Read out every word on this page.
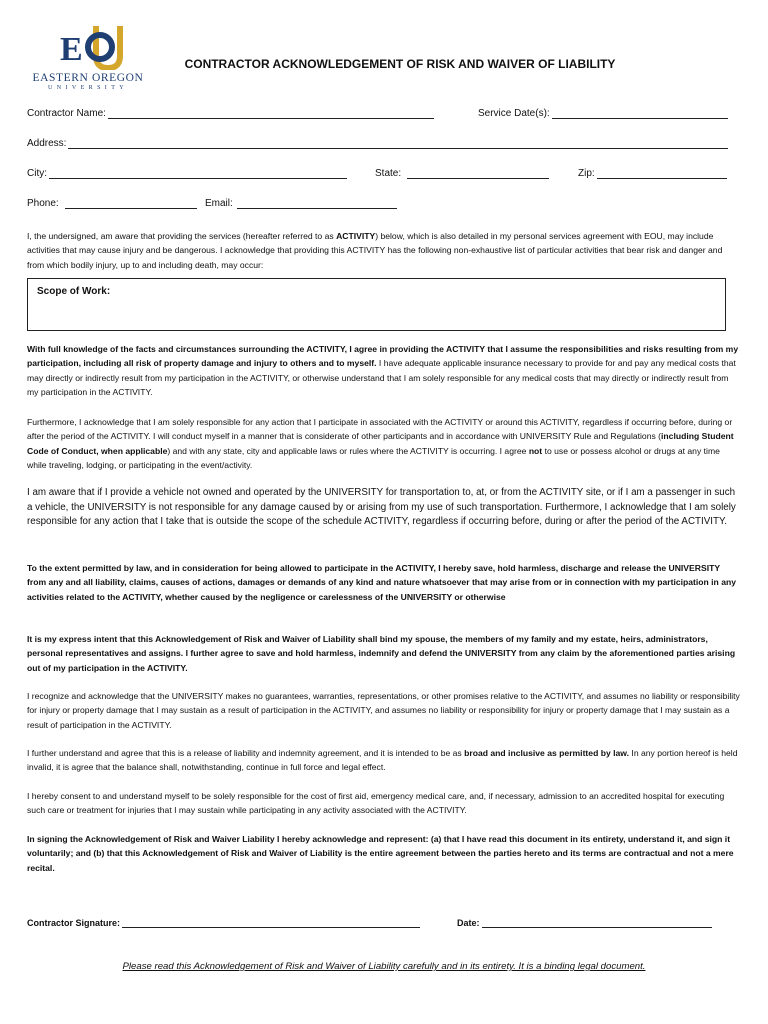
E
EASTERN OREGON
UNIVERSITY
CONTRACTOR ACKNOWLEDGEMENT OF RISK AND WAIVER OF LIABILITY
Contractor Name:	Service Date(s):
Address:
City:	State:	Zip:
Phone:	Email:
I, the undersigned, am aware that providing the services (hereafter referred to as ACTIVITY) below, which is also detailed in my personal services agreement with EOU, may include activities that may cause injury and be dangerous. I acknowledge that providing this ACTIVITY has the following non-exhaustive list of particular activities that bear risk and danger and from which bodily injury, up to and including death, may occur:
Scope of Work:
With full knowledge of the facts and circumstances surrounding the ACTIVITY, I agree in providing the ACTIVITY that I assume the responsibilities and risks resulting from my participation, including all risk of property damage and injury to others and to myself. I have adequate applicable insurance necessary to provide for and pay any medical costs that may directly or indirectly result from my participation in the ACTIVITY, or otherwise understand that I am solely responsible for any medical costs that may directly or indirectly result from my participation in the ACTIVITY.
Furthermore, I acknowledge that I am solely responsible for any action that I participate in associated with the ACTIVITY or around this ACTIVITY, regardless if occurring before, during or after the period of the ACTIVITY. I will conduct myself in a manner that is considerate of other participants and in accordance with UNIVERSITY Rule and Regulations (including Student Code of Conduct, when applicable) and with any state, city and applicable laws or rules where the ACTIVITY is occurring. I agree not to use or possess alcohol or drugs at any time while traveling, lodging, or participating in the event/activity.
I am aware that if I provide a vehicle not owned and operated by the UNIVERSITY for transportation to, at, or from the ACTIVITY site, or if I am a passenger in such a vehicle, the UNIVERSITY is not responsible for any damage caused by or arising from my use of such transportation. Furthermore, I acknowledge that I am solely responsible for any action that I take that is outside the scope of the schedule ACTIVITY, regardless if occurring before, during or after the period of the ACTIVITY.
To the extent permitted by law, and in consideration for being allowed to participate in the ACTIVITY, I hereby save, hold harmless, discharge and release the UNIVERSITY from any and all liability, claims, causes of actions, damages or demands of any kind and nature whatsoever that may arise from or in connection with my participation in any activities related to the ACTIVITY, whether caused by the negligence or carelessness of the UNIVERSITY or otherwise
It is my express intent that this Acknowledgement of Risk and Waiver of Liability shall bind my spouse, the members of my family and my estate, heirs, administrators, personal representatives and assigns. I further agree to save and hold harmless, indemnify and defend the UNIVERSITY from any claim by the aforementioned parties arising out of my participation in the ACTIVITY.
I recognize and acknowledge that the UNIVERSITY makes no guarantees, warranties, representations, or other promises relative to the ACTIVITY, and assumes no liability or responsibility for injury or property damage that I may sustain as a result of participation in the ACTIVITY, and assumes no liability or responsibility for injury or property damage that I may sustain as a result of participation in the ACTIVITY.
I further understand and agree that this is a release of liability and indemnity agreement, and it is intended to be as broad and inclusive as permitted by law. In any portion hereof is held invalid, it is agree that the balance shall, notwithstanding, continue in full force and legal effect.
I hereby consent to and understand myself to be solely responsible for the cost of first aid, emergency medical care, and, if necessary, admission to an accredited hospital for executing such care or treatment for injuries that I may sustain while participating in any activity associated with the ACTIVITY.
In signing the Acknowledgement of Risk and Waiver Liability I hereby acknowledge and represent: (a) that I have read this document in its entirety, understand it, and sign it voluntarily; and (b) that this Acknowledgement of Risk and Waiver of Liability is the entire agreement between the parties hereto and its terms are contractual and not a mere recital.
Contractor Signature:	Date:
Please read this Acknowledgement of Risk and Waiver of Liability carefully and in its entirety. It is a binding legal document.
